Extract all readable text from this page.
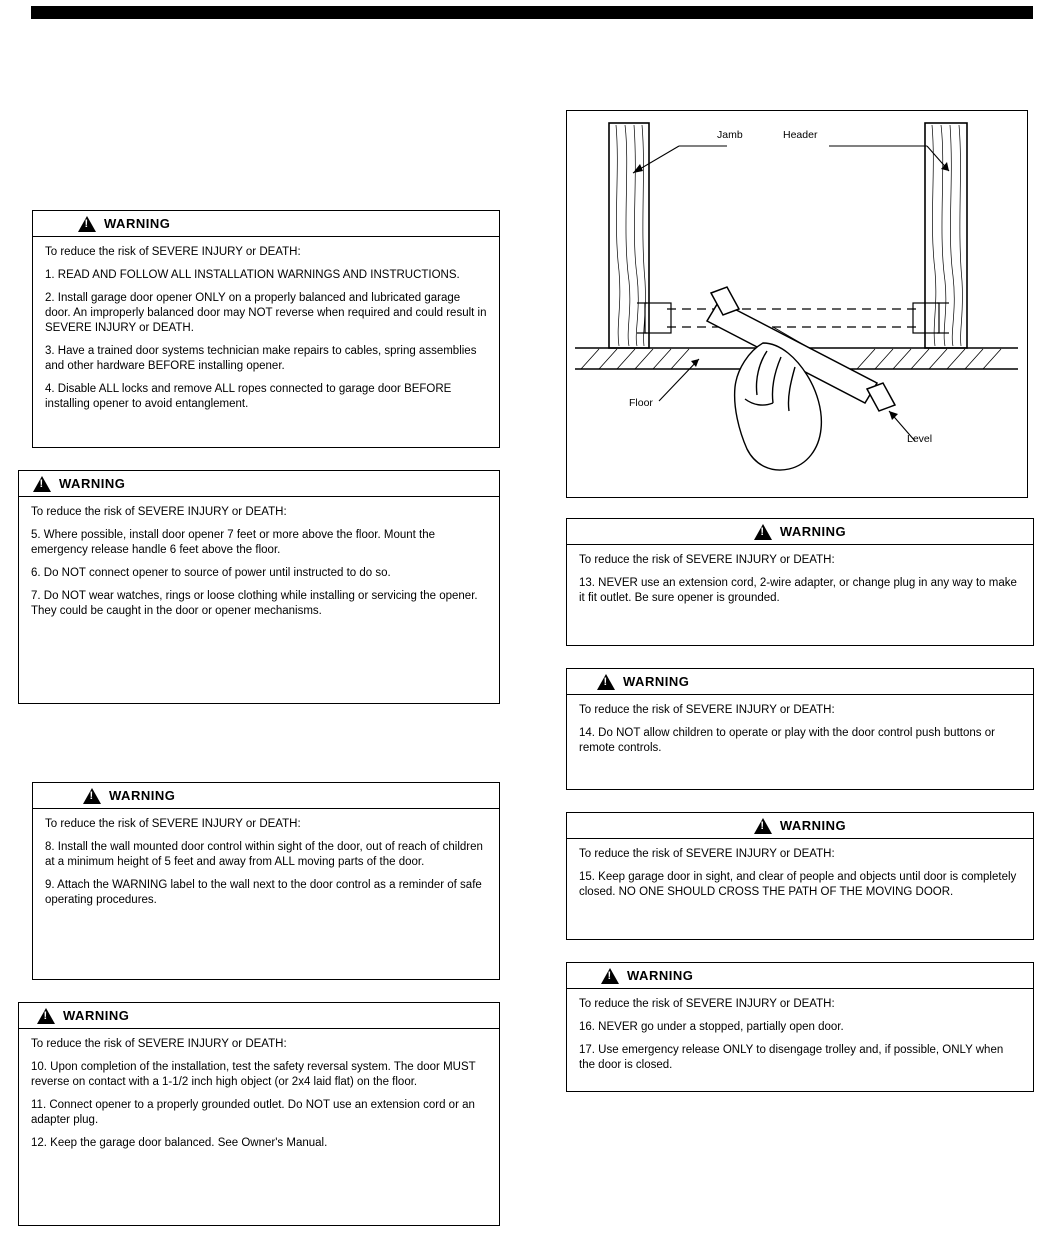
!
WARNING

To reduce the risk of SEVERE INJURY or DEATH:

1. READ AND FOLLOW ALL INSTALLATION WARNINGS AND INSTRUCTIONS.

2. Install garage door opener ONLY on a properly balanced and lubricated garage door. An improperly balanced door may NOT reverse when required and could result in SEVERE INJURY or DEATH.

3. Have a trained door systems technician make repairs to cables, spring assemblies and other hardware BEFORE installing opener.

4. Disable ALL locks and remove ALL ropes connected to garage door BEFORE installing opener to avoid entanglement.

!
WARNING

To reduce the risk of SEVERE INJURY or DEATH:

5. Where possible, install door opener 7 feet or more above the floor. Mount the emergency release handle 6 feet above the floor.

6. Do NOT connect opener to source of power until instructed to do so.

7. Do NOT wear watches, rings or loose clothing while installing or servicing the opener. They could be caught in the door or opener mechanisms.

!
WARNING

To reduce the risk of SEVERE INJURY or DEATH:

8. Install the wall mounted door control within sight of the door, out of reach of children at a minimum height of 5 feet and away from ALL moving parts of the door.

9. Attach the WARNING label to the wall next to the door control as a reminder of safe operating procedures.

!
WARNING

To reduce the risk of SEVERE INJURY or DEATH:

10. Upon completion of the installation, test the safety reversal system. The door MUST reverse on contact with a 1-1/2 inch high object (or 2x4 laid flat) on the floor.

11. Connect opener to a properly grounded outlet. Do NOT use an extension cord or an adapter plug.

12. Keep the garage door balanced. See Owner's Manual.

Jamb	Header
Floor
Level
!
WARNING

To reduce the risk of SEVERE INJURY or DEATH:

13. NEVER use an extension cord, 2-wire adapter, or change plug in any way to make it fit outlet. Be sure opener is grounded.

!
WARNING

To reduce the risk of SEVERE INJURY or DEATH:

14. Do NOT allow children to operate or play with the door control push buttons or remote controls.

!
WARNING

To reduce the risk of SEVERE INJURY or DEATH:

15. Keep garage door in sight, and clear of people and objects until door is completely closed. NO ONE SHOULD CROSS THE PATH OF THE MOVING DOOR.

!
WARNING

To reduce the risk of SEVERE INJURY or DEATH:

16. NEVER go under a stopped, partially open door.

17. Use emergency release ONLY to disengage trolley and, if possible, ONLY when the door is closed.
